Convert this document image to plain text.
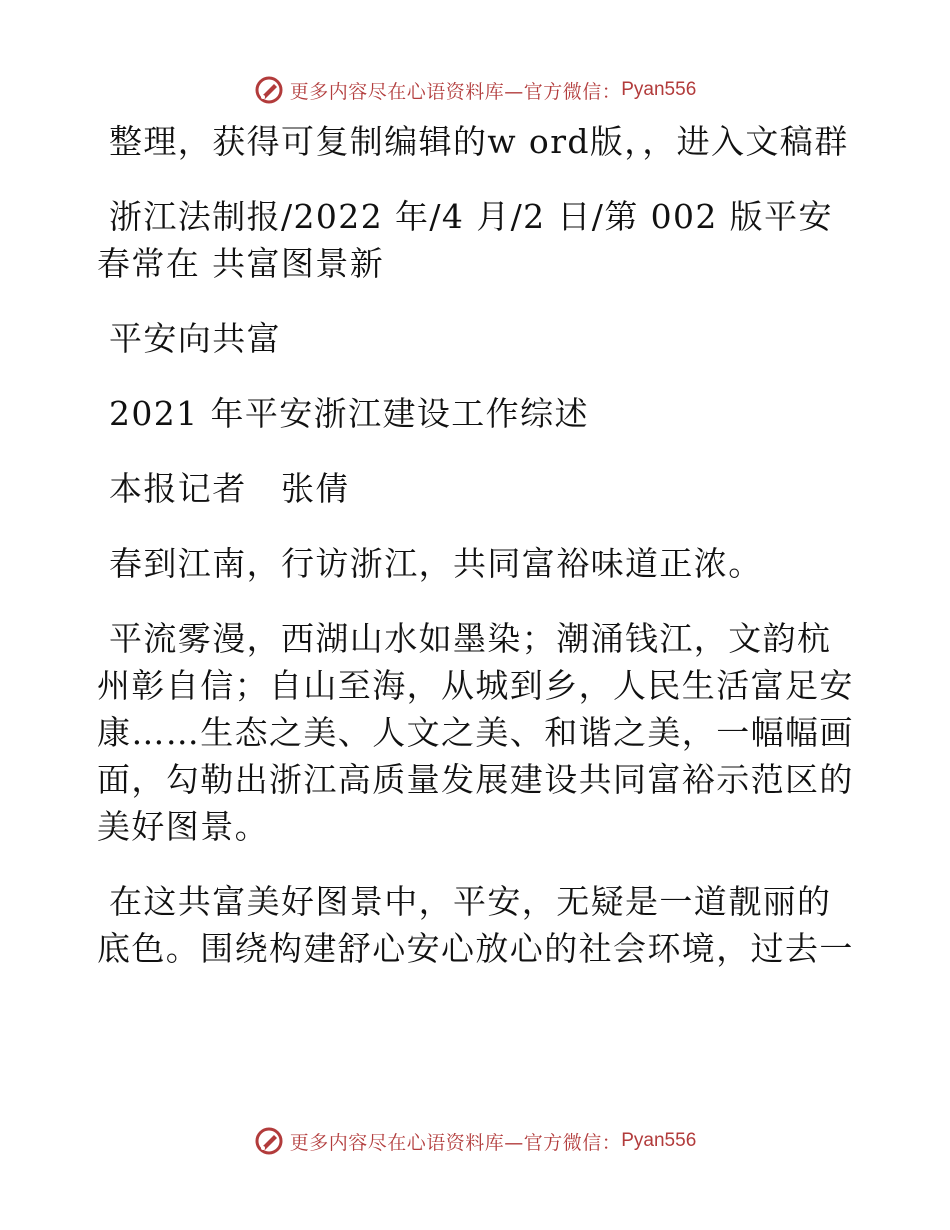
更多内容尽在心语资料库—官方微信： Pyan556

整理，获得可复制编辑的w ord版，，进入文稿群

浙江法制报/2022 年/4 月/2 日/第 002 版平安春常在 共富图景新

平安向共富

2021 年平安浙江建设工作综述

本报记者　张倩

春到江南，行访浙江，共同富裕味道正浓。

平流雾漫，西湖山水如墨染；潮涌钱江，文韵杭州彰自信；自山至海，从城到乡，人民生活富足安康……生态之美、人文之美、和谐之美，一幅幅画面，勾勒出浙江高质量发展建设共同富裕示范区的美好图景。

在这共富美好图景中，平安，无疑是一道靓丽的底色。围绕构建舒心安心放心的社会环境，过去一

更多内容尽在心语资料库—官方微信： Pyan556
